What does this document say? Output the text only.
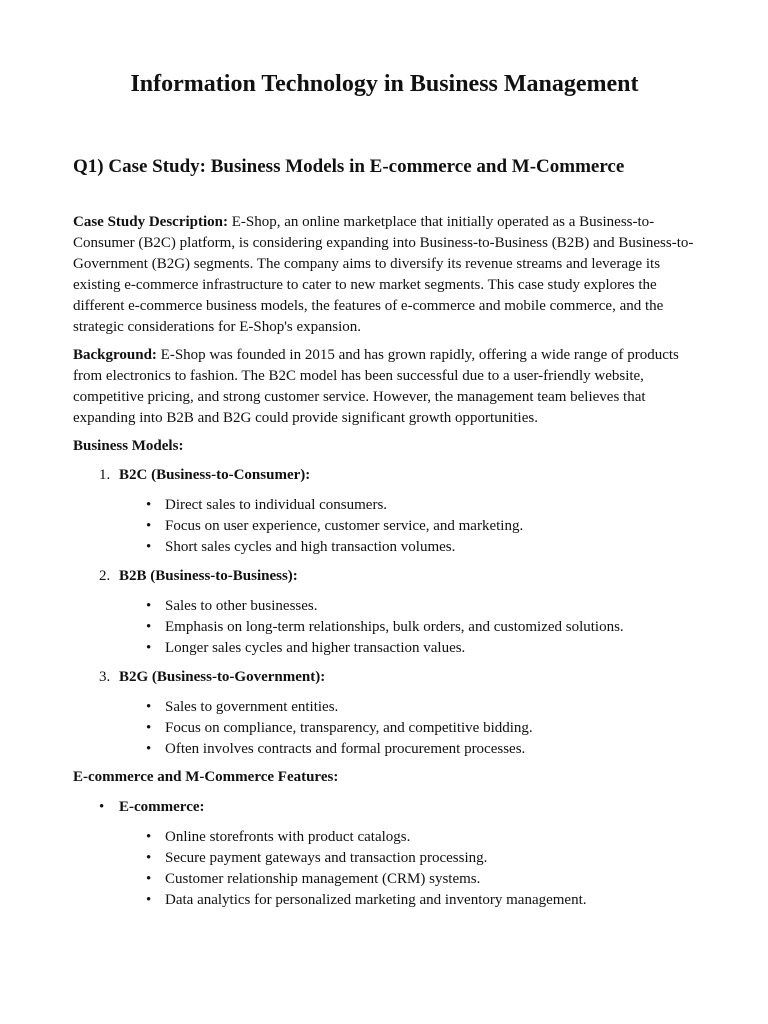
Information Technology in Business Management
Q1) Case Study: Business Models in E-commerce and M-Commerce

Case Study Description: E-Shop, an online marketplace that initially operated as a Business-to-Consumer (B2C) platform, is considering expanding into Business-to-Business (B2B) and Business-to-Government (B2G) segments. The company aims to diversify its revenue streams and leverage its existing e-commerce infrastructure to cater to new market segments. This case study explores the different e-commerce business models, the features of e-commerce and mobile commerce, and the strategic considerations for E-Shop's expansion.

Background: E-Shop was founded in 2015 and has grown rapidly, offering a wide range of products from electronics to fashion. The B2C model has been successful due to a user-friendly website, competitive pricing, and strong customer service. However, the management team believes that expanding into B2B and B2G could provide significant growth opportunities.

Business Models:
1. B2C (Business-to-Consumer):
• Direct sales to individual consumers.
• Focus on user experience, customer service, and marketing.
• Short sales cycles and high transaction volumes.
2. B2B (Business-to-Business):
• Sales to other businesses.
• Emphasis on long-term relationships, bulk orders, and customized solutions.
• Longer sales cycles and higher transaction values.
3. B2G (Business-to-Government):
• Sales to government entities.
• Focus on compliance, transparency, and competitive bidding.
• Often involves contracts and formal procurement processes.
E-commerce and M-Commerce Features:
• E-commerce:
• Online storefronts with product catalogs.
• Secure payment gateways and transaction processing.
• Customer relationship management (CRM) systems.
• Data analytics for personalized marketing and inventory management.
